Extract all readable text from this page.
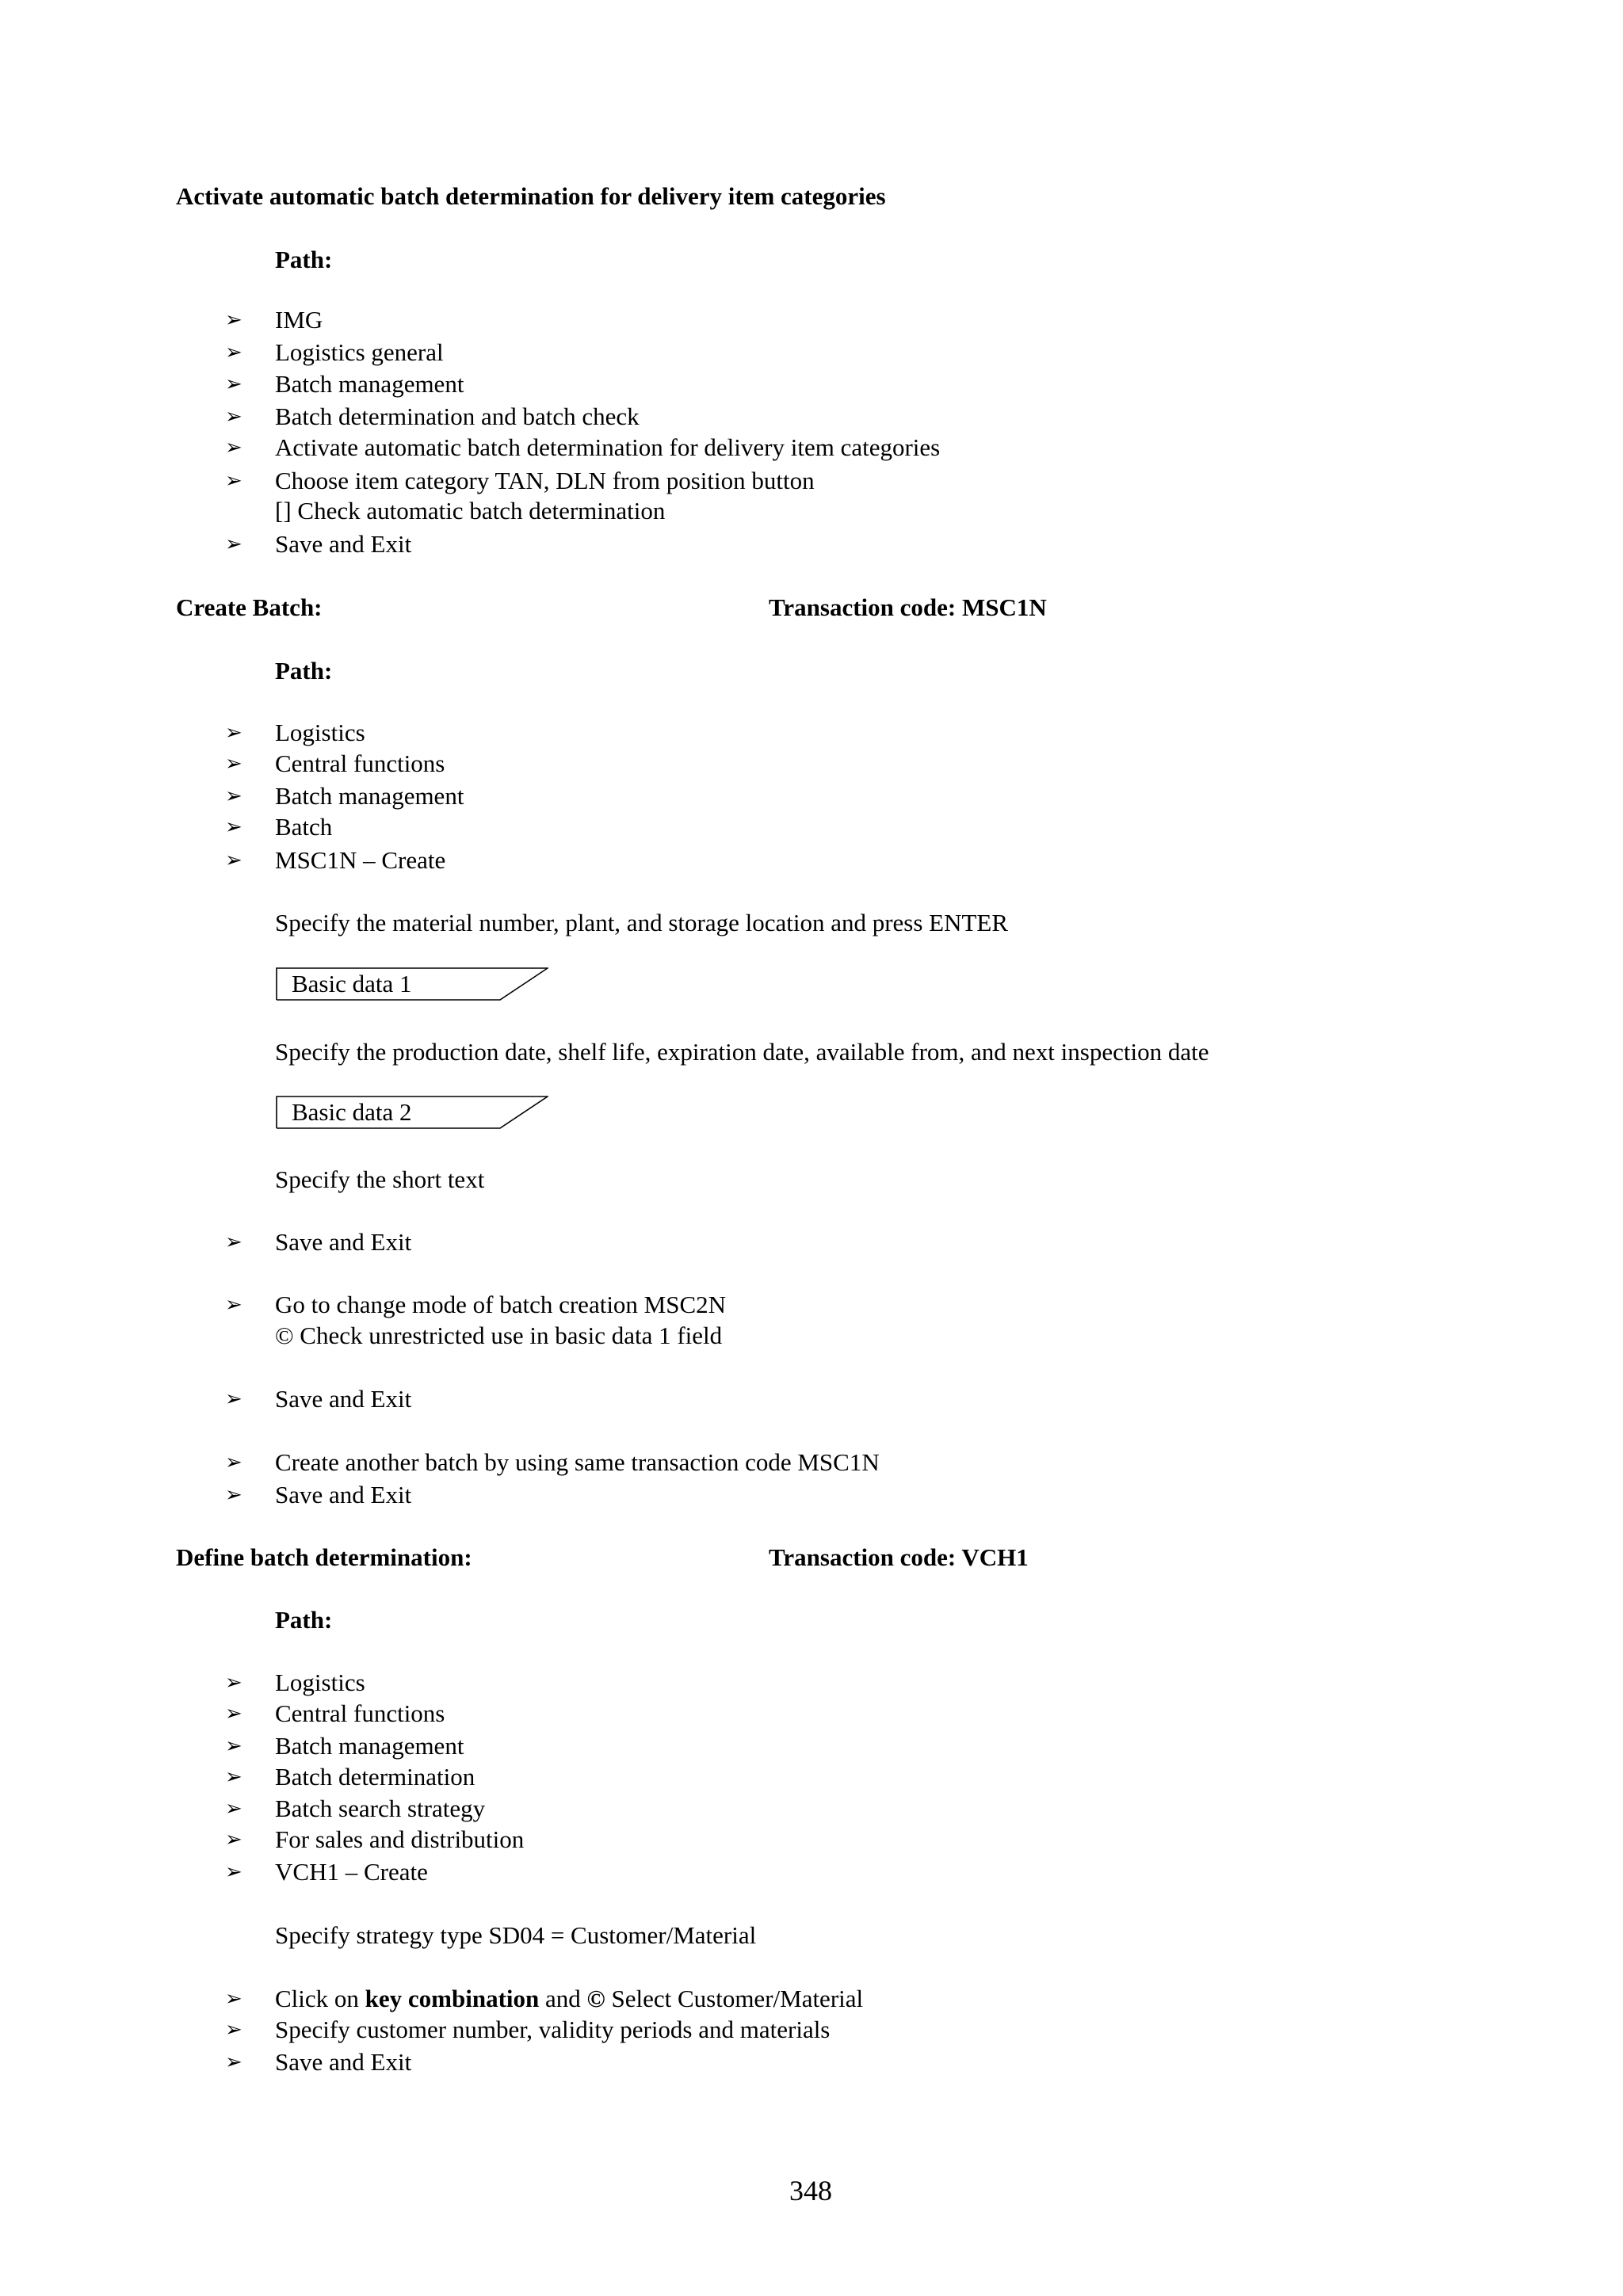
Activate automatic batch determination for delivery item categories
Path:
➢ IMG
➢ Logistics general
➢ Batch management
➢ Batch determination and batch check
➢ Activate automatic batch determination for delivery item categories
➢ Choose item category TAN, DLN from position button
[] Check automatic batch determination
➢ Save and Exit
Create Batch:	Transaction code: MSC1N
Path:
➢ Logistics
➢ Central functions
➢ Batch management
➢ Batch
➢ MSC1N – Create
Specify the material number, plant, and storage location and press ENTER
Basic data 1
Specify the production date, shelf life, expiration date, available from, and next inspection date
Basic data 2
Specify the short text
➢ Save and Exit
➢ Go to change mode of batch creation MSC2N
© Check unrestricted use in basic data 1 field
➢ Save and Exit
➢ Create another batch by using same transaction code MSC1N
➢ Save and Exit
Define batch determination:	Transaction code: VCH1
Path:
➢ Logistics
➢ Central functions
➢ Batch management
➢ Batch determination
➢ Batch search strategy
➢ For sales and distribution
➢ VCH1 – Create
Specify strategy type SD04 = Customer/Material
➢ Click on key combination and © Select Customer/Material
➢ Specify customer number, validity periods and materials
➢ Save and Exit
348
